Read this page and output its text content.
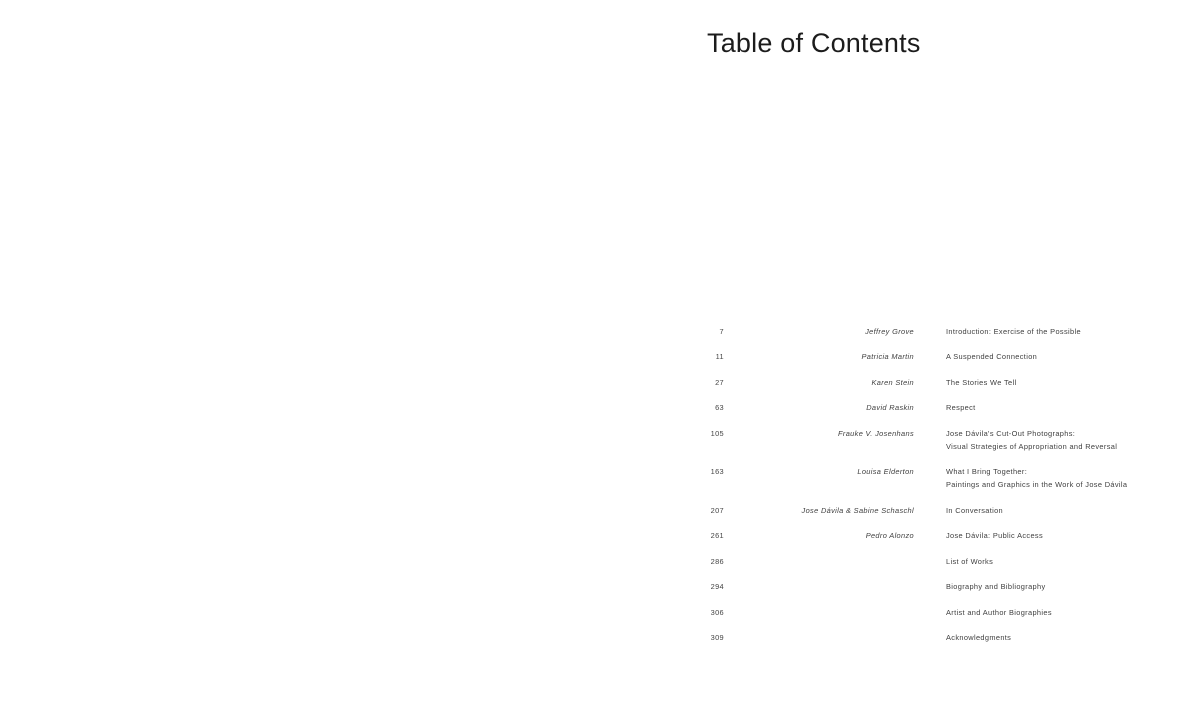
Table of Contents
7	Jeffrey Grove	Introduction: Exercise of the Possible

11	Patricia Martin	A Suspended Connection

27	Karen Stein	The Stories We Tell

63	David Raskin	Respect

105	Frauke V. Josenhans	Jose Dávila's Cut-Out Photographs:
Visual Strategies of Appropriation and Reversal

163	Louisa Elderton	What I Bring Together:
Paintings and Graphics in the Work of Jose Dávila

207	Jose Dávila & Sabine Schaschl	In Conversation

261	Pedro Alonzo	Jose Dávila: Public Access

286		List of Works

294		Biography and Bibliography

306		Artist and Author Biographies

309		Acknowledgments
